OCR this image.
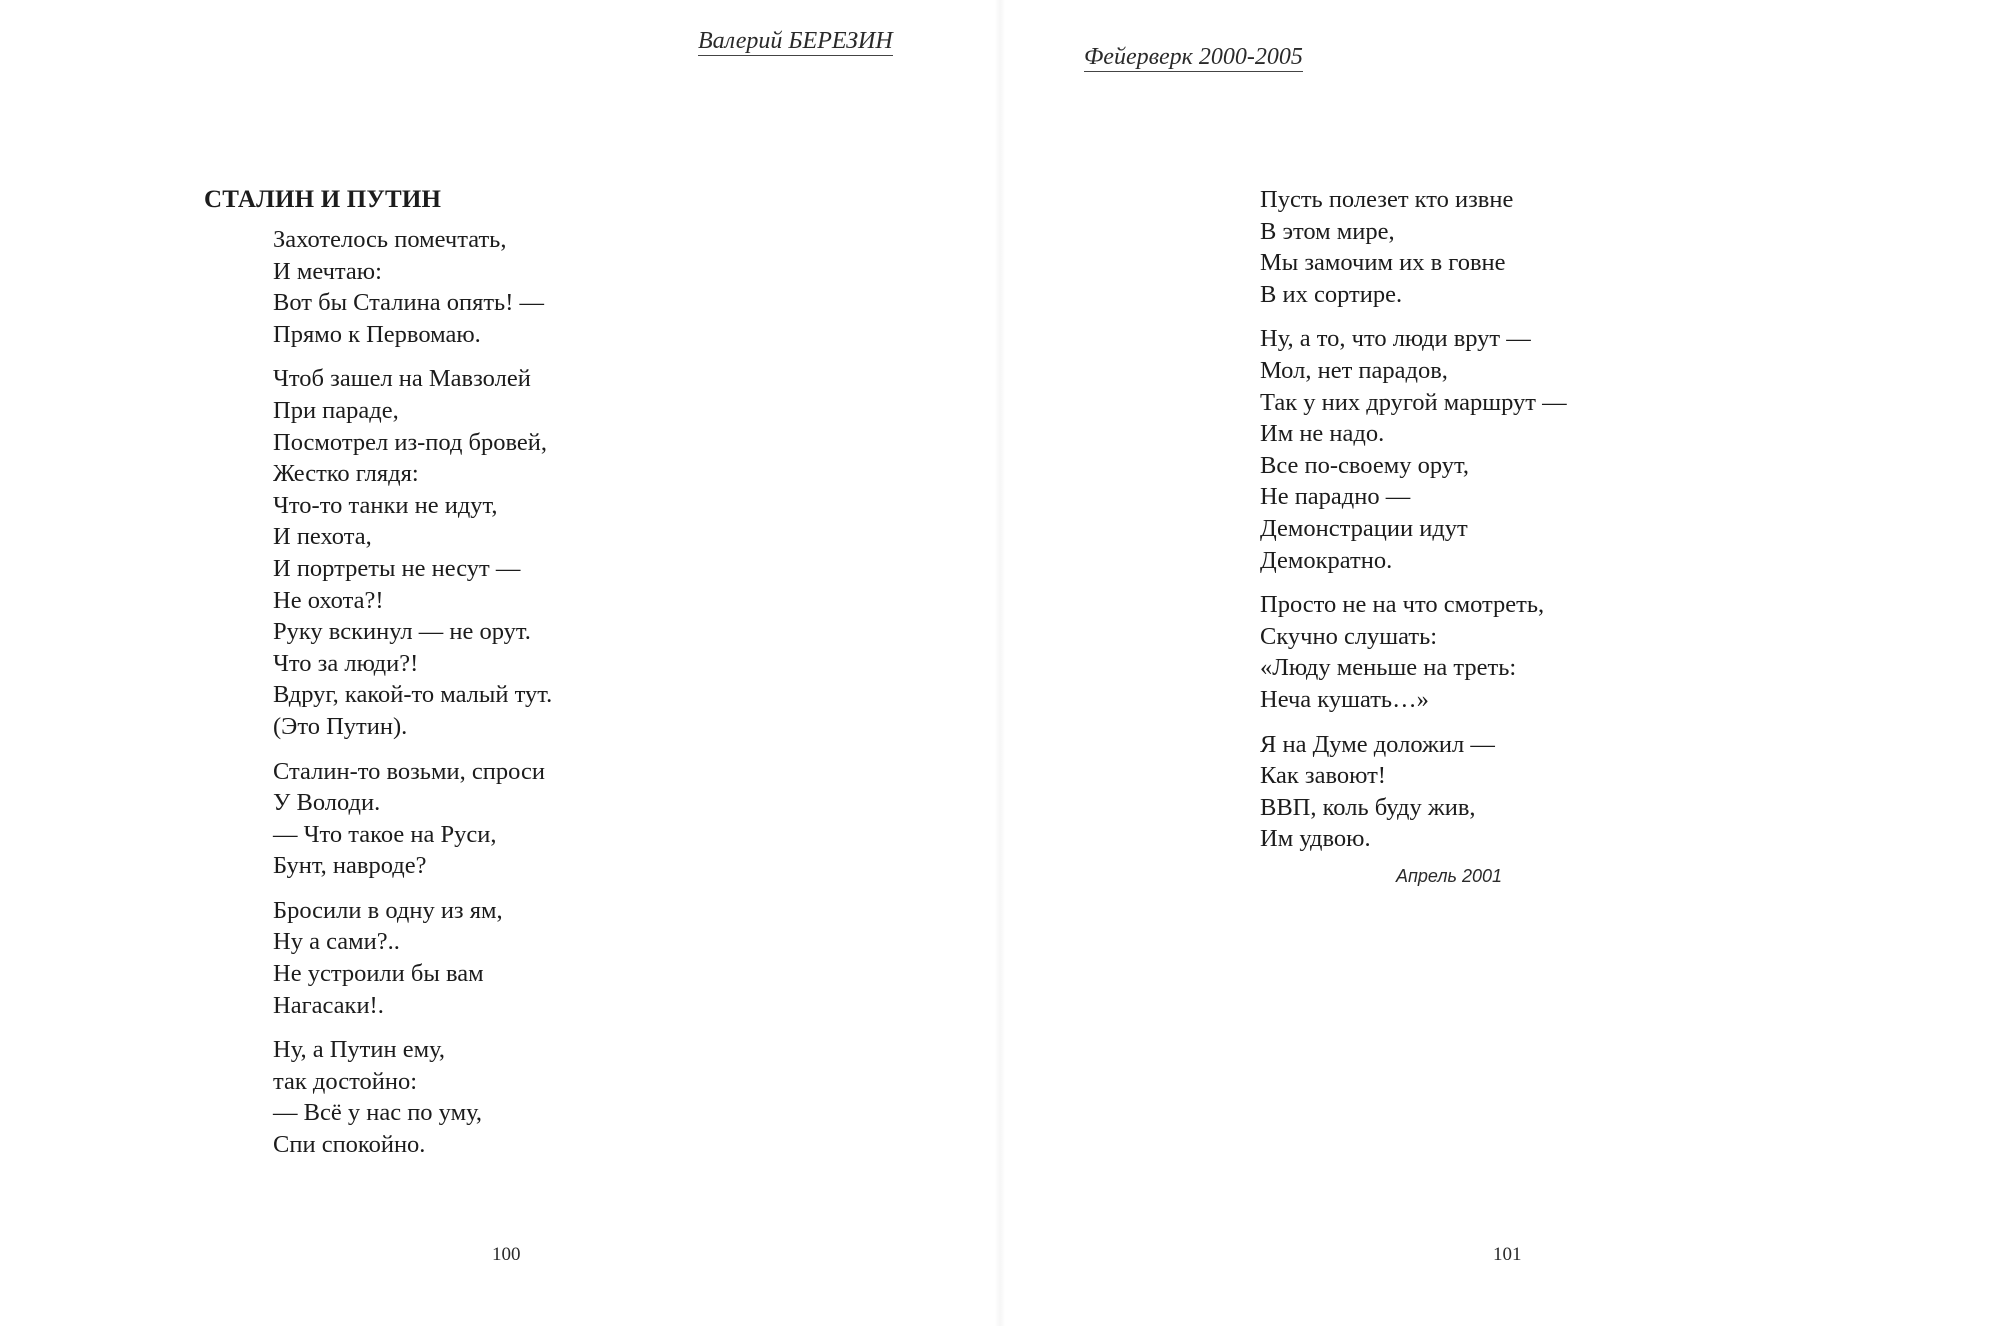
Валерий БЕРЕЗИН
СТАЛИН И ПУТИН
Захотелось помечтать,
И мечтаю:
Вот бы Сталина опять! —
Прямо к Первомаю.
Чтоб зашел на Мавзолей
При параде,
Посмотрел из-под бровей,
Жестко глядя:
Что-то танки не идут,
И пехота,
И портреты не несут —
Не охота?!
Руку вскинул — не орут.
Что за люди?!
Вдруг, какой-то малый тут.
(Это Путин).
Сталин-то возьми, спроси
У Володи.
— Что такое на Руси,
Бунт, навроде?
Бросили в одну из ям,
Ну а сами?..
Не устроили бы вам
Нагасаки!.
Ну, а Путин ему,
так достойно:
— Всё у нас по уму,
Спи спокойно.
100
Фейерверк 2000-2005
Пусть полезет кто извне
В этом мире,
Мы замочим их в говне
В их сортире.
Ну, а то, что люди врут —
Мол, нет парадов,
Так у них другой маршрут —
Им не надо.
Все по-своему орут,
Не парадно —
Демонстрации идут
Демократно.
Просто не на что смотреть,
Скучно слушать:
«Люду меньше на треть:
Неча кушать…»
Я на Думе доложил —
Как завоют!
ВВП, коль буду жив,
Им удвою.
Апрель 2001
101
